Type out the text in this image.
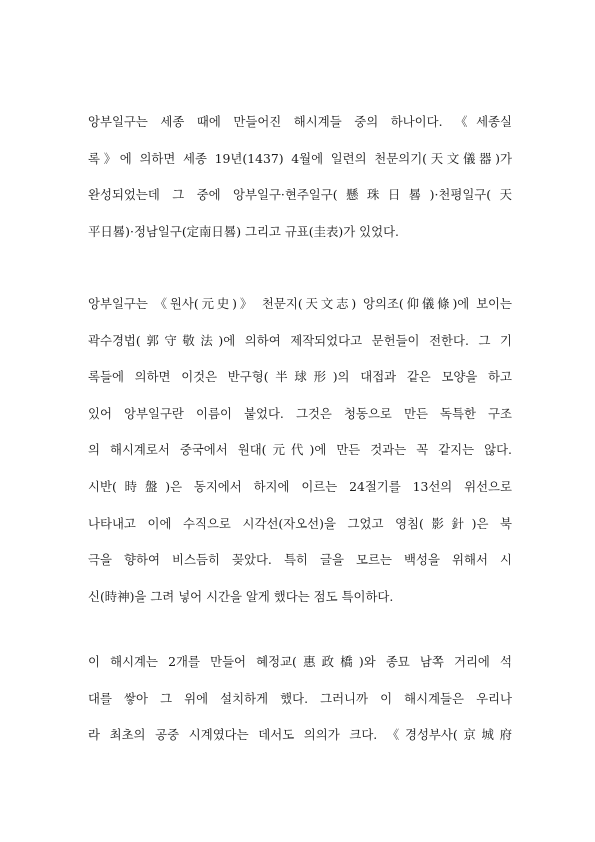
앙부일구는 세종 때에 만들어진 해시계들 중의 하나이다. 《세종실
록》에 의하면 세종 19년(1437) 4월에 일련의 천문의기(天文儀器)가
완성되었는데 그 중에 앙부일구·현주일구(懸珠日晷)·천평일구(天
平日晷)·정남일구(定南日晷) 그리고 규표(圭表)가 있었다.
앙부일구는 《원사(元史)》 천문지(天文志) 앙의조(仰儀條)에 보이는
곽수경법(郭守敬法)에 의하여 제작되었다고 문헌들이 전한다. 그 기
록들에 의하면 이것은 반구형(半球形)의 대접과 같은 모양을 하고
있어 앙부일구란 이름이 붙었다. 그것은 청동으로 만든 독특한 구조
의 해시계로서 중국에서 원대(元代)에 만든 것과는 꼭 같지는 않다.
시반(時盤)은 동지에서 하지에 이르는 24절기를 13선의 위선으로
나타내고 이에 수직으로 시각선(자오선)을 그었고 영침(影針)은 북
극을 향하여 비스듬히 꽂았다. 특히 글을 모르는 백성을 위해서 시
신(時神)을 그려 넣어 시간을 알게 했다는 점도 특이하다.
이 해시계는 2개를 만들어 혜정교(惠政橋)와 종묘 남쪽 거리에 석
대를 쌓아 그 위에 설치하게 했다. 그러니까 이 해시계들은 우리나
라 최초의 공중 시계였다는 데서도 의의가 크다. 《경성부사(京城府
